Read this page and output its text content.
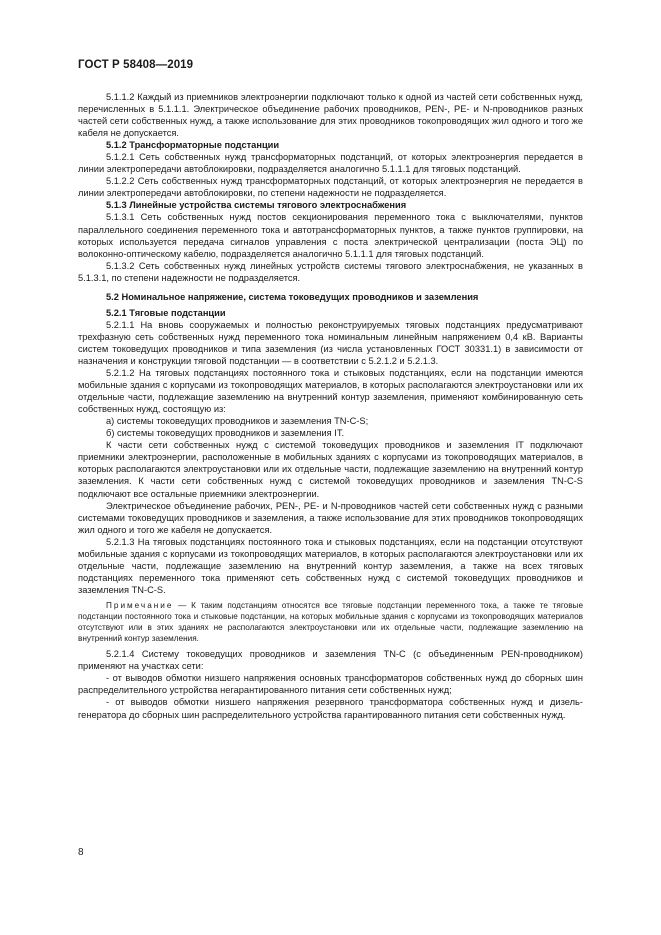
ГОСТ Р 58408—2019

5.1.1.2 Каждый из приемников электроэнергии подключают только к одной из частей сети собственных нужд, перечисленных в 5.1.1.1. Электрическое объединение рабочих проводников, PEN-, PE- и N-проводников разных частей сети собственных нужд, а также использование для этих проводников токопроводящих жил одного и того же кабеля не допускается.

5.1.2 Трансформаторные подстанции

5.1.2.1 Сеть собственных нужд трансформаторных подстанций, от которых электроэнергия передается в линии электропередачи автоблокировки, подразделяется аналогично 5.1.1.1 для тяговых подстанций.

5.1.2.2 Сеть собственных нужд трансформаторных подстанций, от которых электроэнергия не передается в линии электропередачи автоблокировки, по степени надежности не подразделяется.

5.1.3 Линейные устройства системы тягового электроснабжения

5.1.3.1 Сеть собственных нужд постов секционирования переменного тока с выключателями, пунктов параллельного соединения переменного тока и автотрансформаторных пунктов, а также пунктов группировки, на которых используется передача сигналов управления с поста электрической централизации (поста ЭЦ) по волоконно-оптическому кабелю, подразделяется аналогично 5.1.1.1 для тяговых подстанций.

5.1.3.2 Сеть собственных нужд линейных устройств системы тягового электроснабжения, не указанных в 5.1.3.1, по степени надежности не подразделяется.

5.2 Номинальное напряжение, система токоведущих проводников и заземления

5.2.1 Тяговые подстанции

5.2.1.1 На вновь сооружаемых и полностью реконструируемых тяговых подстанциях предусматривают трехфазную сеть собственных нужд переменного тока номинальным линейным напряжением 0,4 кВ. Варианты систем токоведущих проводников и типа заземления (из числа установленных ГОСТ 30331.1) в зависимости от назначения и конструкции тяговой подстанции — в соответствии с 5.2.1.2 и 5.2.1.3.

5.2.1.2 На тяговых подстанциях постоянного тока и стыковых подстанциях, если на подстанции имеются мобильные здания с корпусами из токопроводящих материалов, в которых располагаются электроустановки или их отдельные части, подлежащие заземлению на внутренний контур заземления, применяют комбинированную сеть собственных нужд, состоящую из:

а) системы токоведущих проводников и заземления TN-C-S;

б) системы токоведущих проводников и заземления IT.

К части сети собственных нужд с системой токоведущих проводников и заземления IT подключают приемники электроэнергии, расположенные в мобильных зданиях с корпусами из токопроводящих материалов, в которых располагаются электроустановки или их отдельные части, подлежащие заземлению на внутренний контур заземления. К части сети собственных нужд с системой токоведущих проводников и заземления TN-C-S подключают все остальные приемники электроэнергии.

Электрическое объединение рабочих, PEN-, PE- и N-проводников частей сети собственных нужд с разными системами токоведущих проводников и заземления, а также использование для этих проводников токопроводящих жил одного и того же кабеля не допускается.

5.2.1.3 На тяговых подстанциях постоянного тока и стыковых подстанциях, если на подстанции отсутствуют мобильные здания с корпусами из токопроводящих материалов, в которых располагаются электроустановки или их отдельные части, подлежащие заземлению на внутренний контур заземления, а также на всех тяговых подстанциях переменного тока применяют сеть собственных нужд с системой токоведущих проводников и заземления TN-C-S.

Примечание — К таким подстанциям относятся все тяговые подстанции переменного тока, а также те тяговые подстанции постоянного тока и стыковые подстанции, на которых мобильные здания с корпусами из токопроводящих материалов отсутствуют или в этих зданиях не располагаются электроустановки или их отдельные части, подлежащие заземлению на внутренний контур заземления.

5.2.1.4 Систему токоведущих проводников и заземления TN-C (с объединенным PEN-проводником) применяют на участках сети:

- от выводов обмотки низшего напряжения основных трансформаторов собственных нужд до сборных шин распределительного устройства негарантированного питания сети собственных нужд;

- от выводов обмотки низшего напряжения резервного трансформатора собственных нужд и дизель-генератора до сборных шин распределительного устройства гарантированного питания сети собственных нужд.

8
